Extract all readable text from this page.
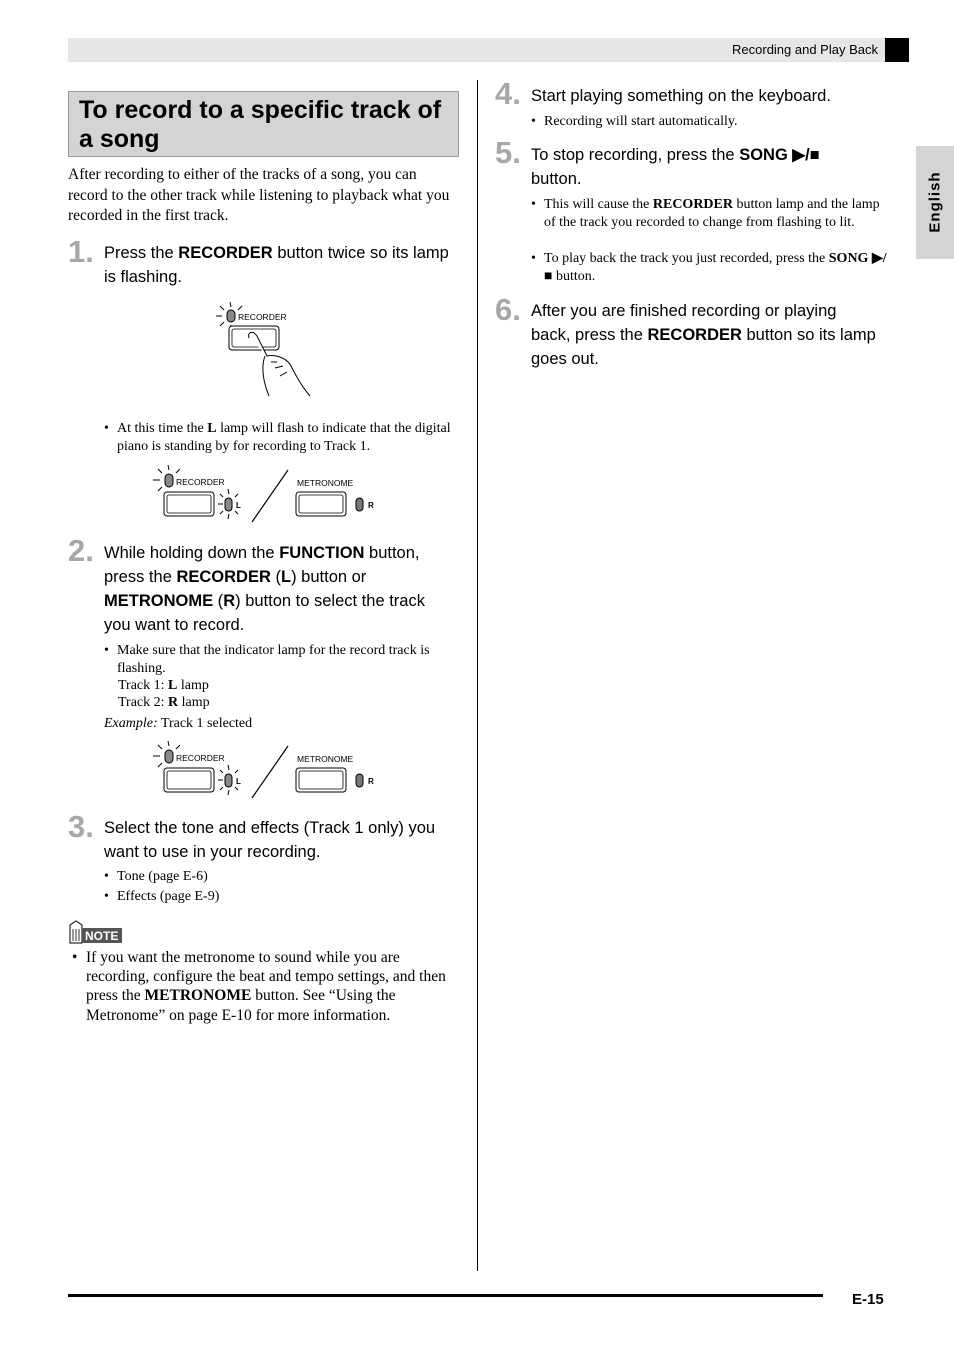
Recording and Play Back
English
To record to a specific track of a song
After recording to either of the tracks of a song, you can record to the other track while listening to playback what you recorded in the first track.
1. Press the RECORDER button twice so its lamp is flashing.
RECORDER
• At this time the L lamp will flash to indicate that the digital piano is standing by for recording to Track 1.
RECORDER
L
METRONOME
R
2. While holding down the FUNCTION button, press the RECORDER (L) button or METRONOME (R) button to select the track you want to record.
• Make sure that the indicator lamp for the record track is flashing.
Track 1: L lamp
Track 2: R lamp
Example: Track 1 selected
RECORDER
L
METRONOME
R
3. Select the tone and effects (Track 1 only) you want to use in your recording.
• Tone (page E-6)
• Effects (page E-9)
NOTE
• If you want the metronome to sound while you are recording, configure the beat and tempo settings, and then press the METRONOME button. See “Using the Metronome” on page E-10 for more information.
4. Start playing something on the keyboard.
• Recording will start automatically.
5. To stop recording, press the SONG ▶/■ button.
• This will cause the RECORDER button lamp and the lamp of the track you recorded to change from flashing to lit.
• To play back the track you just recorded, press the SONG ▶/■ button.
6. After you are finished recording or playing back, press the RECORDER button so its lamp goes out.
E-15
